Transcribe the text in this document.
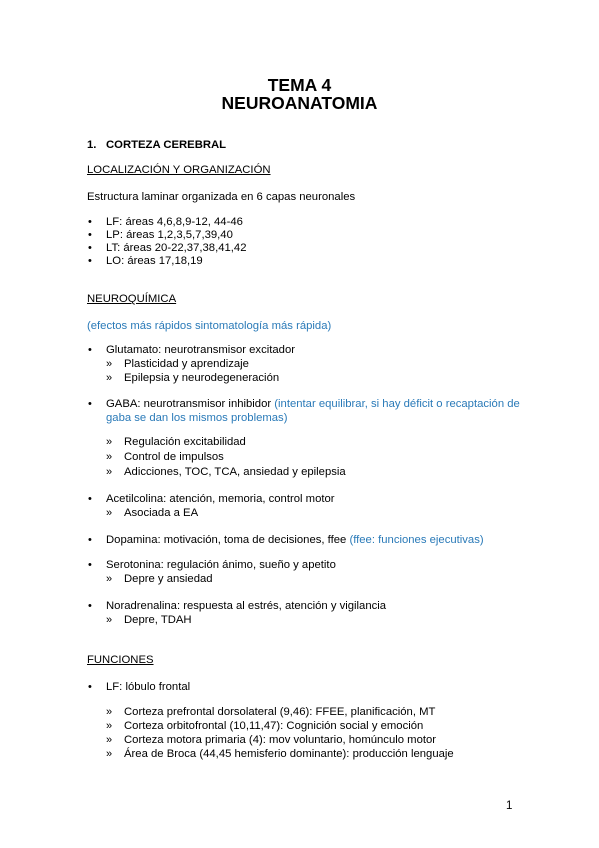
TEMA 4
NEUROANATOMIA
1. CORTEZA CEREBRAL
LOCALIZACIÓN Y ORGANIZACIÓN
Estructura laminar organizada en 6 capas neuronales
• LF: áreas 4,6,8,9-12, 44-46
• LP: áreas 1,2,3,5,7,39,40
• LT: áreas 20-22,37,38,41,42
• LO: áreas 17,18,19
NEUROQUÍMICA
(efectos más rápidos sintomatología más rápida)
• Glutamato: neurotransmisor excitador
» Plasticidad y aprendizaje
» Epilepsia y neurodegeneración
• GABA: neurotransmisor inhibidor (intentar equilibrar, si hay déficit o recaptación de
gaba se dan los mismos problemas)
» Regulación excitabilidad
» Control de impulsos
» Adicciones, TOC, TCA, ansiedad y epilepsia
• Acetilcolina: atención, memoria, control motor
» Asociada a EA
• Dopamina: motivación, toma de decisiones, ffee (ffee: funciones ejecutivas)
• Serotonina: regulación ánimo, sueño y apetito
» Depre y ansiedad
• Noradrenalina: respuesta al estrés, atención y vigilancia
» Depre, TDAH
FUNCIONES
• LF: lóbulo frontal
» Corteza prefrontal dorsolateral (9,46): FFEE, planificación, MT
» Corteza orbitofrontal (10,11,47): Cognición social y emoción
» Corteza motora primaria (4): mov voluntario, homúnculo motor
» Área de Broca (44,45 hemisferio dominante): producción lenguaje
1
